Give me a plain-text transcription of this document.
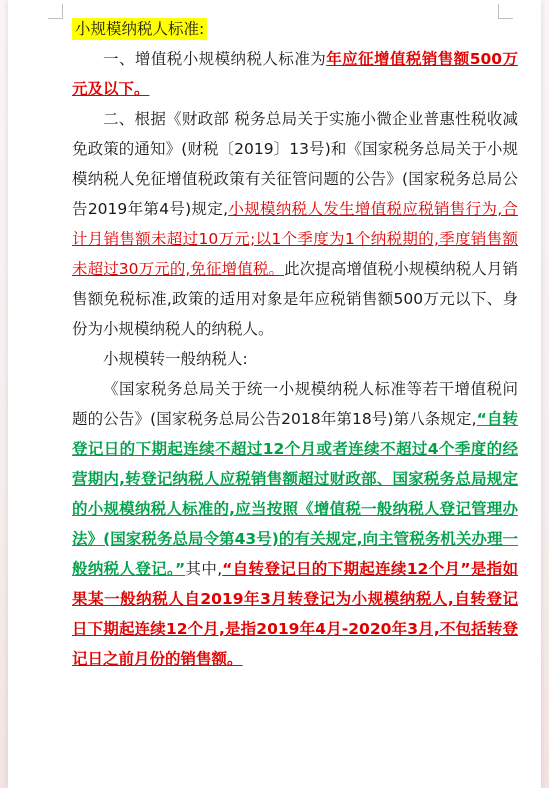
小规模纳税人标准:

一、增值税小规模纳税人标准为年应征增值税销售额500万元及以下。

二、根据《财政部 税务总局关于实施小微企业普惠性税收减免政策的通知》(财税〔2019〕13号)和《国家税务总局关于小规模纳税人免征增值税政策有关征管问题的公告》(国家税务总局公告2019年第4号)规定,小规模纳税人发生增值税应税销售行为,合计月销售额未超过10万元;以1个季度为1个纳税期的,季度销售额未超过30万元的,免征增值税。此次提高增值税小规模纳税人月销售额免税标准,政策的适用对象是年应税销售额500万元以下、身份为小规模纳税人的纳税人。

小规模转一般纳税人:

《国家税务总局关于统一小规模纳税人标准等若干增值税问题的公告》(国家税务总局公告2018年第18号)第八条规定,“自转登记日的下期起连续不超过12个月或者连续不超过4个季度的经营期内,转登记纳税人应税销售额超过财政部、国家税务总局规定的小规模纳税人标准的,应当按照《增值税一般纳税人登记管理办法》(国家税务总局令第43号)的有关规定,向主管税务机关办理一般纳税人登记。”其中,“自转登记日的下期起连续12个月”是指如果某一般纳税人自2019年3月转登记为小规模纳税人,自转登记日下期起连续12个月,是指2019年4月-2020年3月,不包括转登记日之前月份的销售额。
